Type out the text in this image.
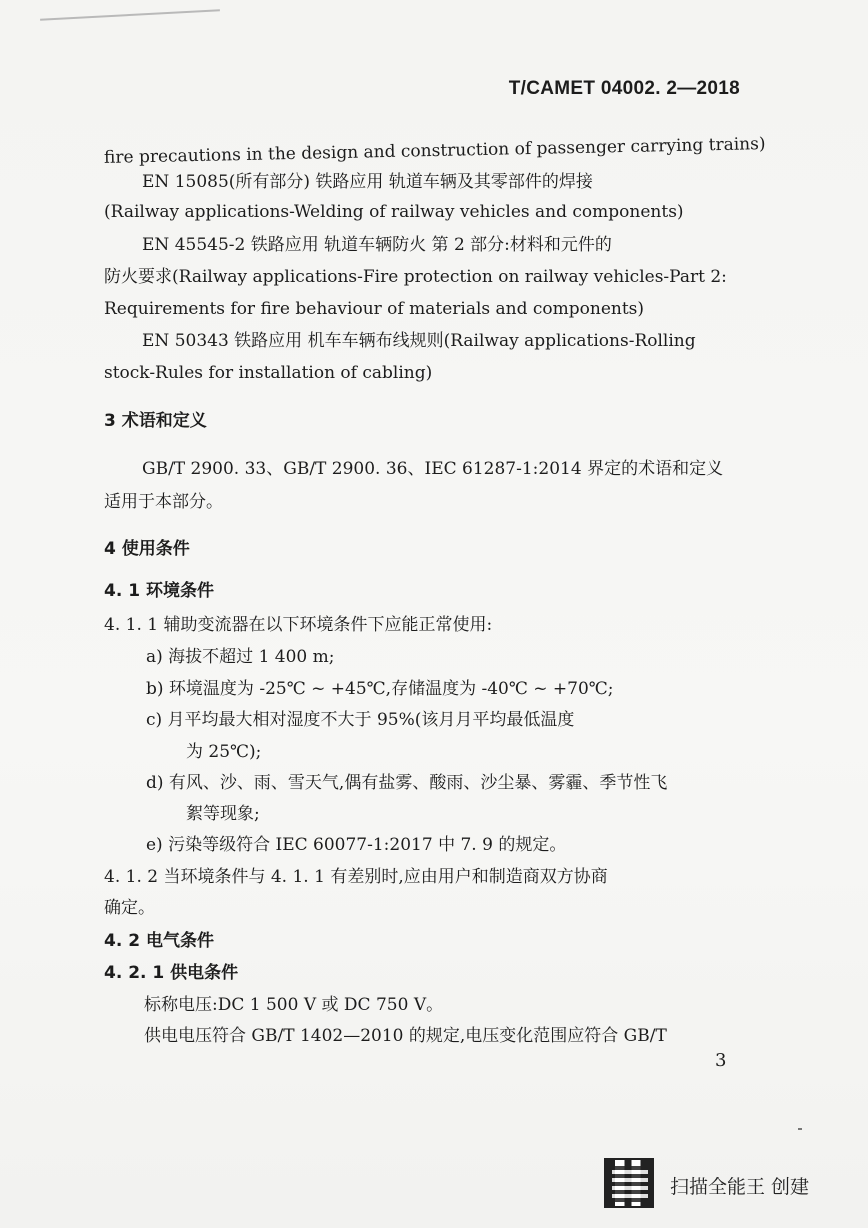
T/CAMET 04002. 2—2018
fire precautions in the design and construction of passenger carrying trains)
EN 15085(所有部分) 铁路应用 轨道车辆及其零部件的焊接
(Railway applications-Welding of railway vehicles and components)
EN 45545-2 铁路应用 轨道车辆防火 第 2 部分:材料和元件的
防火要求(Railway applications-Fire protection on railway vehicles-Part 2:
Requirements for fire behaviour of materials and components)
EN 50343 铁路应用 机车车辆布线规则(Railway applications-Rolling
stock-Rules for installation of cabling)
3 术语和定义
GB/T 2900. 33、GB/T 2900. 36、IEC 61287-1:2014 界定的术语和定义
适用于本部分。
4 使用条件
4. 1 环境条件
4. 1. 1 辅助变流器在以下环境条件下应能正常使用:
a) 海拔不超过 1 400 m;
b) 环境温度为 -25℃ ~ +45℃,存储温度为 -40℃ ~ +70℃;
c) 月平均最大相对湿度不大于 95%(该月月平均最低温度
为 25℃);
d) 有风、沙、雨、雪天气,偶有盐雾、酸雨、沙尘暴、雾霾、季节性飞
絮等现象;
e) 污染等级符合 IEC 60077-1:2017 中 7. 9 的规定。
4. 1. 2 当环境条件与 4. 1. 1 有差别时,应由用户和制造商双方协商
确定。
4. 2 电气条件
4. 2. 1 供电条件
标称电压:DC 1 500 V 或 DC 750 V。
供电电压符合 GB/T 1402—2010 的规定,电压变化范围应符合 GB/T
3
扫描全能王 创建
